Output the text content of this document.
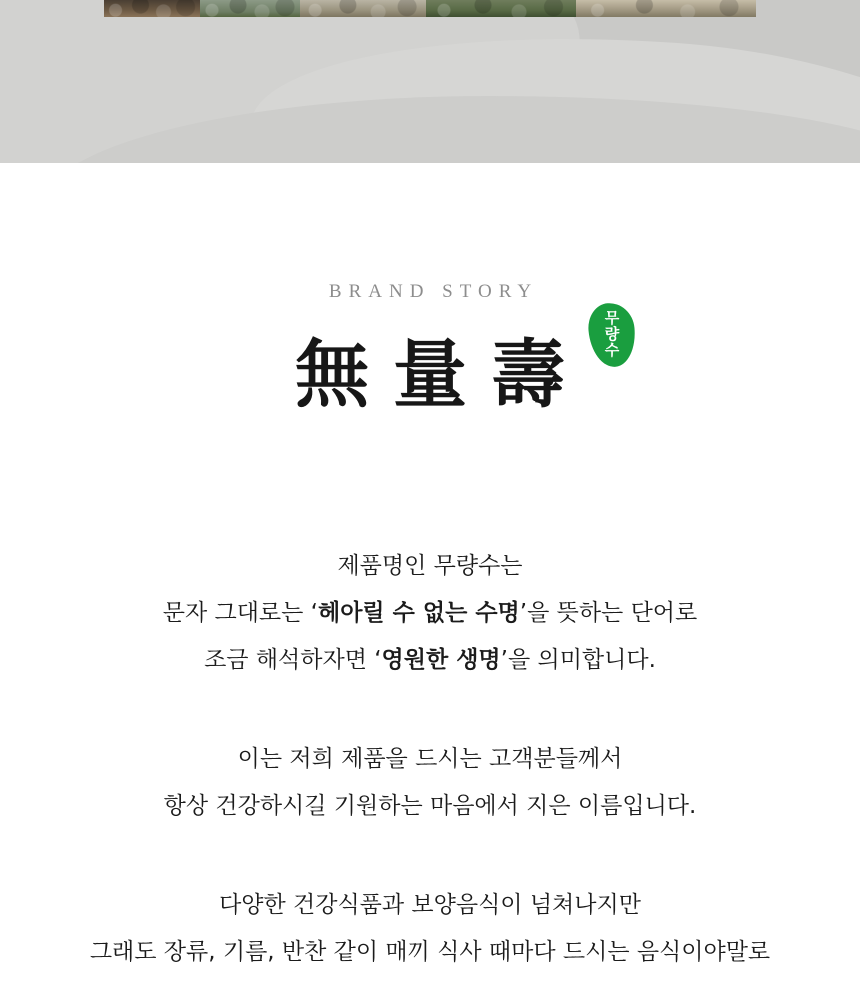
BRAND STORY
無量壽
무량수
제품명인 무량수는
문자 그대로는 ‘헤아릴 수 없는 수명’을 뜻하는 단어로
조금 해석하자면 ‘영원한 생명’을 의미합니다.
이는 저희 제품을 드시는 고객분들께서
항상 건강하시길 기원하는 마음에서 지은 이름입니다.
다양한 건강식품과 보양음식이 넘쳐나지만
그래도 장류, 기름, 반찬 같이 매끼 식사 때마다 드시는 음식이야말로
